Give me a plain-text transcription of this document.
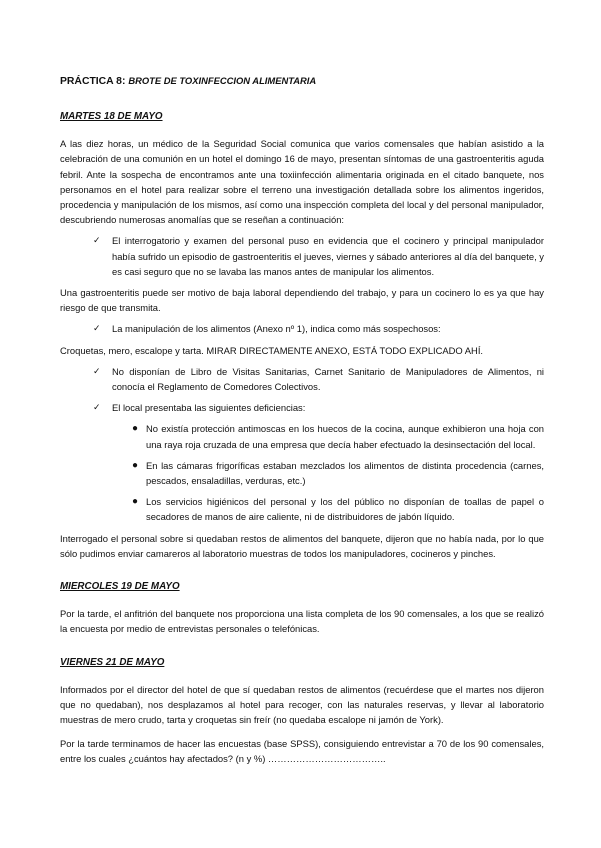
PRÁCTICA 8: BROTE DE TOXINFECCION ALIMENTARIA

MARTES 18 DE MAYO

A las diez horas, un médico de la Seguridad Social comunica que varios comensales que habían asistido a la celebración de una comunión en un hotel el domingo 16 de mayo, presentan síntomas de una gastroenteritis aguda febril. Ante la sospecha de encontramos ante una toxiinfección alimentaria originada en el citado banquete, nos personamos en el hotel para realizar sobre el terreno una investigación detallada sobre los alimentos ingeridos, procedencia y manipulación de los mismos, así como una inspección completa del local y del personal manipulador, descubriendo numerosas anomalías que se reseñan a continuación:

✓ El interrogatorio y examen del personal puso en evidencia que el cocinero y principal manipulador había sufrido un episodio de gastroenteritis el jueves, viernes y sábado anteriores al día del banquete, y es casi seguro que no se lavaba las manos antes de manipular los alimentos.

Una gastroenteritis puede ser motivo de baja laboral dependiendo del trabajo, y para un cocinero lo es ya que hay riesgo de que transmita.

✓ La manipulación de los alimentos (Anexo nº 1), indica como más sospechosos:

Croquetas, mero, escalope y tarta. MIRAR DIRECTAMENTE ANEXO, ESTÁ TODO EXPLICADO AHÍ.

✓ No disponían de Libro de Visitas Sanitarias, Carnet Sanitario de Manipuladores de Alimentos, ni conocía el Reglamento de Comedores Colectivos.
✓ El local presentaba las siguientes deficiencias:
● No existía protección antimoscas en los huecos de la cocina, aunque exhibieron una hoja con una raya roja cruzada de una empresa que decía haber efectuado la desinsectación del local.
● En las cámaras frigoríficas estaban mezclados los alimentos de distinta procedencia (carnes, pescados, ensaladillas, verduras, etc.)
● Los servicios higiénicos del personal y los del público no disponían de toallas de papel o secadores de manos de aire caliente, ni de distribuidores de jabón líquido.

Interrogado el personal sobre si quedaban restos de alimentos del banquete, dijeron que no había nada, por lo que sólo pudimos enviar camareros al laboratorio muestras de todos los manipuladores, cocineros y pinches.

MIERCOLES 19 DE MAYO

Por la tarde, el anfitrión del banquete nos proporciona una lista completa de los 90 comensales, a los que se realizó la encuesta por medio de entrevistas personales o telefónicas.

VIERNES 21 DE MAYO

Informados por el director del hotel de que sí quedaban restos de alimentos (recuérdese que el martes nos dijeron que no quedaban), nos desplazamos al hotel para recoger, con las naturales reservas, y llevar al laboratorio muestras de mero crudo, tarta y croquetas sin freír (no quedaba escalope ni jamón de York).

Por la tarde terminamos de hacer las encuestas (base SPSS), consiguiendo entrevistar a 70 de los 90 comensales, entre los cuales ¿cuántos hay afectados? (n y %) ………………………………..
